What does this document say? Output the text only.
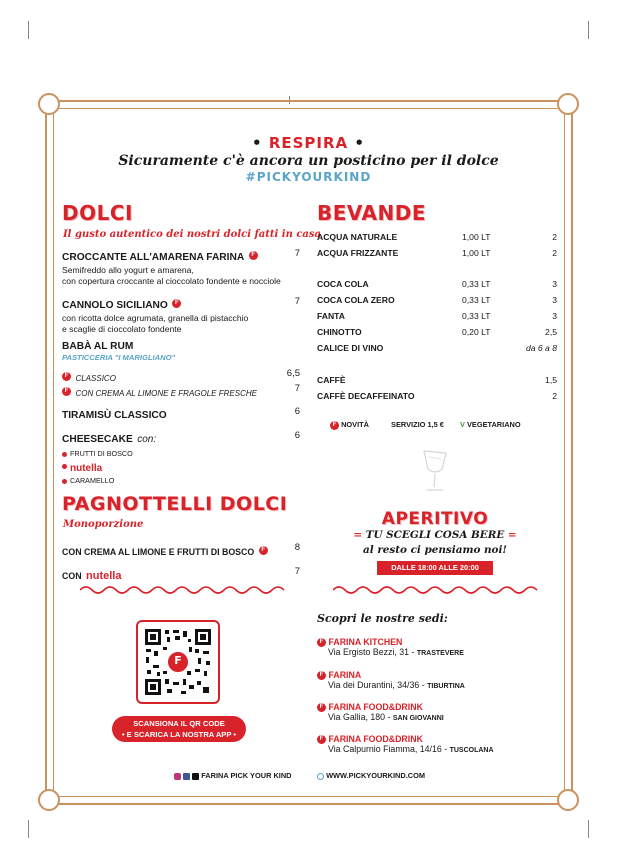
• RESPIRA •
Sicuramente c'è ancora un posticino per il dolce
#PICKYOURKIND
DOLCI
Il gusto autentico dei nostri dolci fatti in casa
CROCCANTE ALL'AMARENA FARINA F	7
Semifreddo allo yogurt e amarena,
con copertura croccante al cioccolato fondente e nocciole
CANNOLO SICILIANO F	7
con ricotta dolce agrumata, granella di pistacchio
e scaglie di cioccolato fondente
BABÀ AL RUM
PASTICCERIA "I MARIGLIANO"
F CLASSICO	6,5
F CON CREMA AL LIMONE E FRAGOLE FRESCHE	7
TIRAMISÙ CLASSICO	6
CHEESECAKE con:	6
FRUTTI DI BOSCO
nutella
CARAMELLO
PAGNOTTELLI DOLCI
Monoporzione
CON CREMA AL LIMONE E FRUTTI DI BOSCO F	8
CON nutella	7
BEVANDE
ACQUA NATURALE	1,00 LT	2
ACQUA FRIZZANTE	1,00 LT	2
COCA COLA	0,33 LT	3
COCA COLA ZERO	0,33 LT	3
FANTA	0,33 LT	3
CHINOTTO	0,20 LT	2,5
CALICE DI VINO	da 6 a 8
CAFFÈ	1,5
CAFFÈ DECAFFEINATO	2
F NOVITÀ	SERVIZIO 1,5 € V VEGETARIANO
APERITIVO
= TU SCEGLI COSA BERE =
al resto ci pensiamo noi!
DALLE 18:00 ALLE 20:00
F
SCANSIONA IL QR CODE
• E SCARICA LA NOSTRA APP •
Scopri le nostre sedi:
F FARINA KITCHEN
Via Ergisto Bezzi, 31 - TRASTEVERE
F FARINA
Via dei Durantini, 34/36 - TIBURTINA
F FARINA FOOD&DRINK
Via Gallia, 180 - SAN GIOVANNI
F FARINA FOOD&DRINK
Via Calpurnio Fiamma, 14/16 - TUSCOLANA
FARINA PICK YOUR KIND	WWW.PICKYOURKIND.COM
